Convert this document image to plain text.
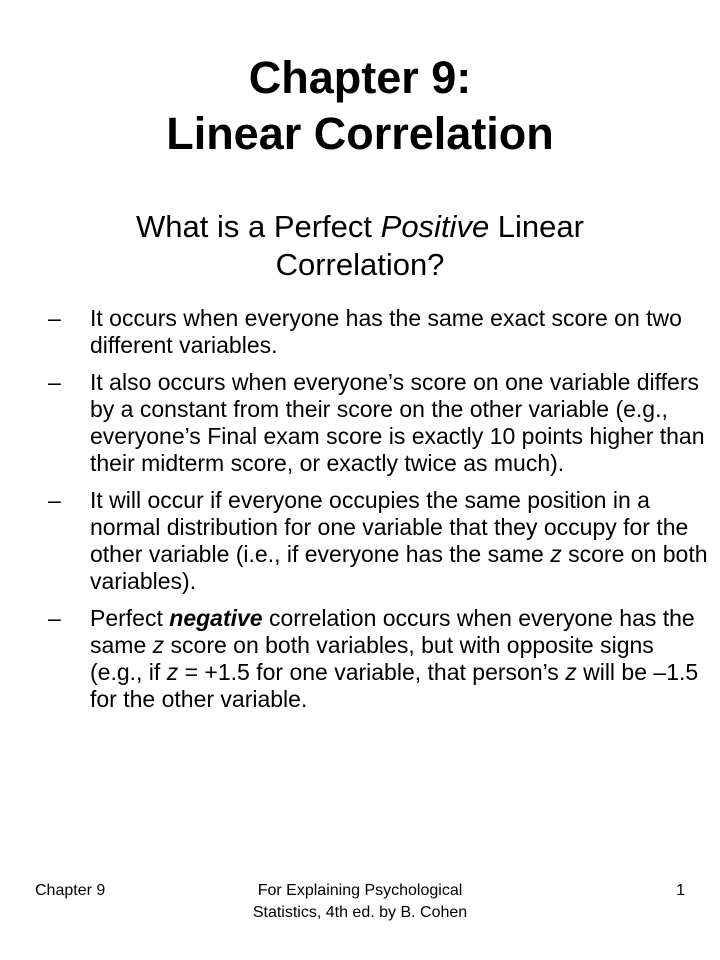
Chapter 9:
Linear Correlation
What is a Perfect Positive Linear Correlation?
–	It occurs when everyone has the same exact score on two different variables.
–	It also occurs when everyone’s score on one variable differs by a constant from their score on the other variable (e.g., everyone’s Final exam score is exactly 10 points higher than their midterm score, or exactly twice as much).
–	It will occur if everyone occupies the same position in a normal distribution for one variable that they occupy for the other variable (i.e., if everyone has the same z score on both variables).
–	Perfect negative correlation occurs when everyone has the same z score on both variables, but with opposite signs (e.g., if z = +1.5 for one variable, that person’s z will be –1.5 for the other variable.
Chapter 9	For Explaining Psychological
Statistics, 4th ed. by B. Cohen
1
